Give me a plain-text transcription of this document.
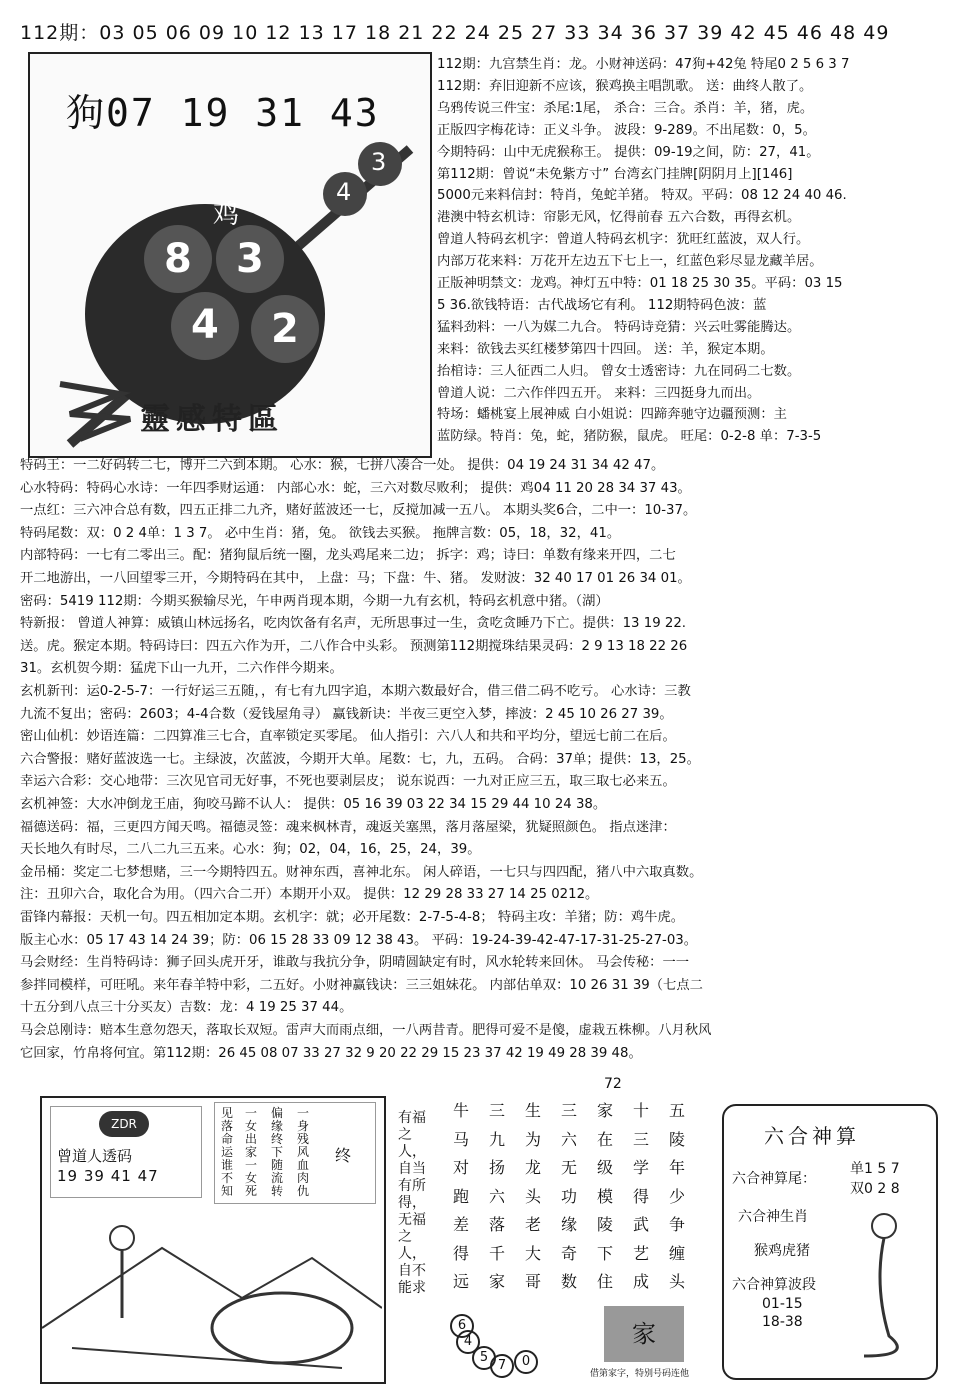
112期：03 05 06 09 10 12 13 17 18 21 22 24 25 27 33 34 36 37 39 42 45 46 48 49
狗07 19 31 43
鸡
8 3
4 2
4
3
靈感特區
112期：九宫禁生肖：龙。小财神送码：47狗+42兔 特尾0 2 5 6 3 7
112期：弃旧迎新不应该，猴鸡换主唱凯歌。 送：曲终人散了。
乌鸦传说三件宝：杀尾:1尾， 杀合：三合。杀肖：羊，猪，虎。
正版四字梅花诗：正义斗争。 波段：9-289。不出尾数：0，5。
今期特码：山中无虎猴称王。 提供：09-19之间，防：27，41。
第112期：曾说“未免紫方寸” 台湾玄门挂牌[阴阴月上][146]
5000元来料信封：特肖，兔蛇羊猪。 特双。平码：08 12 24 40 46.
港澳中特玄机诗：帘影无风，忆得前春 五六合数，再得玄机。
曾道人特码玄机字：曾道人特码玄机字：犹旺红蓝波，双人行。
内部万花来料：万花开左边五下七上一，红蓝色彩尽显龙藏羊居。
正版神明禁文：龙鸡。神灯五中特：01 18 25 30 35。平码：03 15
5 36.欲钱特语：古代战场它有利。 112期特码色波：蓝
猛料劲料：一八为媒二九合。 特码诗竞猜：兴云吐雾能腾达。
来料：欲钱去买红楼梦第四十四回。 送：羊，猴定本期。
抬棺诗：三人征西二人归。 曾女士透密诗：九在同码二七数。
曾道人说：二六作伴四五开。 来料：三四挺身九而出。
特场：蟠桃宴上展神威 白小姐说：四蹄奔驰守边疆预测：主
蓝防绿。特肖：兔，蛇，猪防猴，鼠虎。 旺尾：0-2-8 单：7-3-5
特码王：一二好码转二七，博开二六到本期。 心水：猴，七拼八凑合一处。 提供：04 19 24 31 34 42 47。
心水特码：特码心水诗：一年四季财运通： 内部心水：蛇，三六对数尽败利； 提供：鸡04 11 20 28 34 37 43。
一点红：三六冲合总有数，四五正排二九齐，赌好蓝波还一七，反搅加减一五八。 本期头奖6合，二中一：10-37。
特码尾数：双：0 2 4单：1 3 7。 必中生肖：猪，兔。 欲钱去买猴。 拖牌言数：05，18，32，41。
内部特码：一七有二零出三。配：猪狗鼠后统一圈，龙头鸡尾来二边； 拆字：鸡；诗曰：单数有缘来开四，二七
开二地游出，一八回望零三开，今期特码在其中， 上盘：马；下盘：牛、猪。 发财波：32 40 17 01 26 34 01。
密码：5419 112期：今期买猴输尽光，午申两肖现本期，今期一九有玄机，特码玄机意中猪。（湖）
特新报： 曾道人神算：威镇山林远扬名，吃肉饮备有名声，无所思事过一生，贪吃贪睡乃下亡。提供：13 19 22.
送。虎。猴定本期。特码诗曰：四五六作为开，二八作合中头彩。 预测第112期搅珠结果灵码：2 9 13 18 22 26
31。玄机贺今期：猛虎下山一九开，二六作伴今期来。
玄机新刊：运0-2-5-7：一行好运三五随，，有七有九四字追，本期六数最好合，借三借二码不吃亏。 心水诗：三教
九流不复出；密码：2603；4-4合数（爱钱屋角寻） 赢钱新诀：半夜三更空入梦，摔波：2 45 10 26 27 39。
密山仙机：妙语连篇：二四算准三七合，直率锁定买零尾。 仙人指引：六八人和共和平均分，望远七前二在后。
六合警报：赌好蓝波选一七。主绿波，次蓝波，今期开大单。尾数：七，九，五码。 合码：37单；提供：13，25。
幸运六合彩：交心地带：三次见官司无好事，不死也要剥层皮； 说东说西：一九对正应三五，取三取七必来五。
玄机神签：大水冲倒龙王庙，狗咬马蹄不认人： 提供：05 16 39 03 22 34 15 29 44 10 24 38。
福德送码：福，三更四方闻天鸣。福德灵签：魂来枫林青，魂返关塞黑，落月落屋梁，犹疑照颜色。 指点迷津：
天长地久有时尽，二八二九三五来。心水：狗；02，04，16，25，24，39。
金吊桶：奖定二七梦想赌，三一今期特四五。财神东西，喜神北东。 闲人碎语，一七只与四四配，猪八中六取真数。
注：丑卯六合，取化合为用。（四六合二开）本期开小双。 提供：12 29 28 33 27 14 25 0212。
雷锋内幕报：天机一句。四五相加定本期。玄机字：就；必开尾数：2-7-5-4-8； 特码主攻：羊猪；防：鸡牛虎。
版主心水：05 17 43 14 24 39；防：06 15 28 33 09 12 38 43。 平码：19-24-39-42-47-17-31-25-27-03。
马会财经：生肖特码诗：狮子回头虎开牙，谁敢与我抗分争，阴晴圆缺定有时，风水轮转来回休。 马会传秘：一一
参拌同模样，可旺吼。来年春羊特中彩，二五好。小财神赢钱诀：三三姐妹花。 内部估单双：10 26 31 39（七点二
十五分到八点三十分买友）吉数：龙：4 19 25 37 44。
马会总刚诗：赔本生意勿怨天，落取长双短。雷声大而雨点细，一八两昔青。肥得可爱不是傻，虚栽五株柳。八月秋风
它回家，竹帛将何宜。第112期：26 45 08 07 33 27 32 9 20 22 29 15 23 37 42 19 49 28 39 48。
72
ZDR
曾道人透码
19 39 41 47
见落命运谁不知
一女出家一女死
偏缘终下随流转
一身残风血肉仇
终
有福之人，自当有所得，无福之人，自不能求
牛	三	生	三	家	十	五
马	九	为	六	在	三	陵
对	扬	龙	无	级	学	年
跑	六	头	功	模	得	少
差	落	老	缘	陵	武	争
得	千	大	奇	下	艺	缠
远	家	哥	数	住	成	头
6
4
5
7	0
家
借第家字，特别号码连他
六合神算
六合神算尾：
单1 5 7
双0 2 8
六合神生肖
猴鸡虎猪
六合神算波段
01-15
18-38
